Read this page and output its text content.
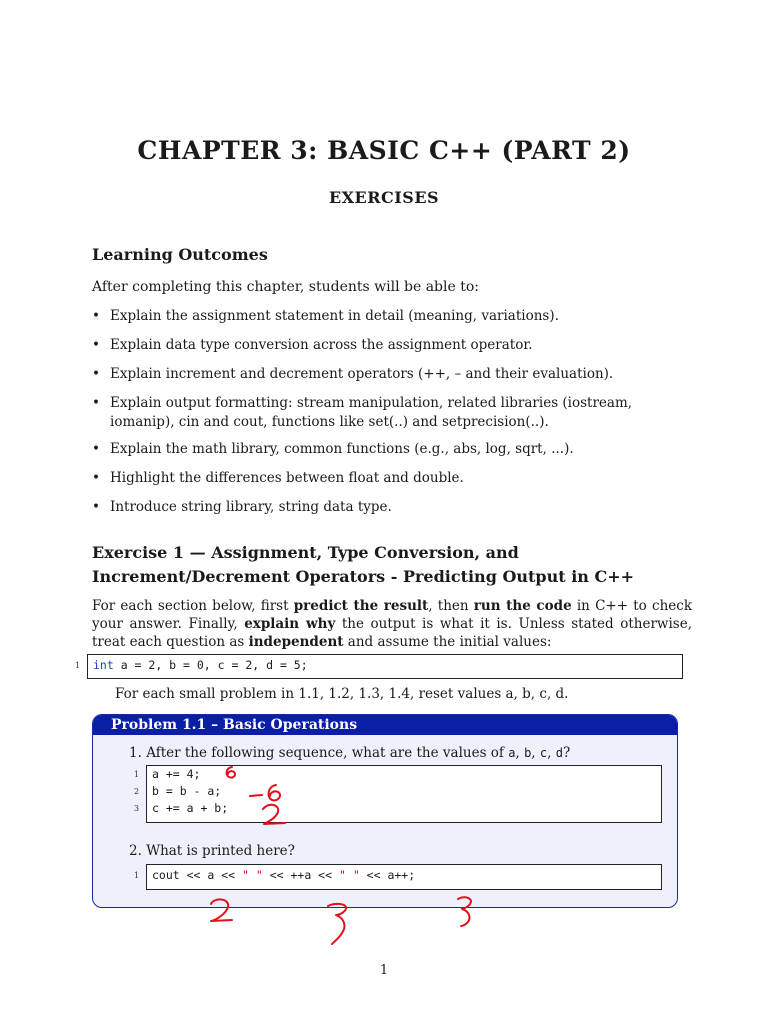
CHAPTER 3: BASIC C++ (PART 2)
EXERCISES
Learning Outcomes
After completing this chapter, students will be able to:
• Explain the assignment statement in detail (meaning, variations).
• Explain data type conversion across the assignment operator.
• Explain increment and decrement operators (++, – and their evaluation).
• Explain output formatting: stream manipulation, related libraries (iostream, iomanip), cin and cout, functions like set(..) and setprecision(..).
• Explain the math library, common functions (e.g., abs, log, sqrt, ...).
• Highlight the differences between float and double.
• Introduce string library, string data type.
Exercise 1 — Assignment, Type Conversion, and Increment/Decrement Operators - Predicting Output in C++
For each section below, first predict the result, then run the code in C++ to check your answer. Finally, explain why the output is what it is. Unless stated otherwise, treat each question as independent and assume the initial values:
1 int a = 2, b = 0, c = 2, d = 5;
For each small problem in 1.1, 1.2, 1.3, 1.4, reset values a, b, c, d.
Problem 1.1 – Basic Operations
1. After the following sequence, what are the values of a, b, c, d?
1 a += 4;
2 b = b - a;
3 c += a + b;
2. What is printed here?
1 cout << a << " " << ++a << " " << a++;
1
